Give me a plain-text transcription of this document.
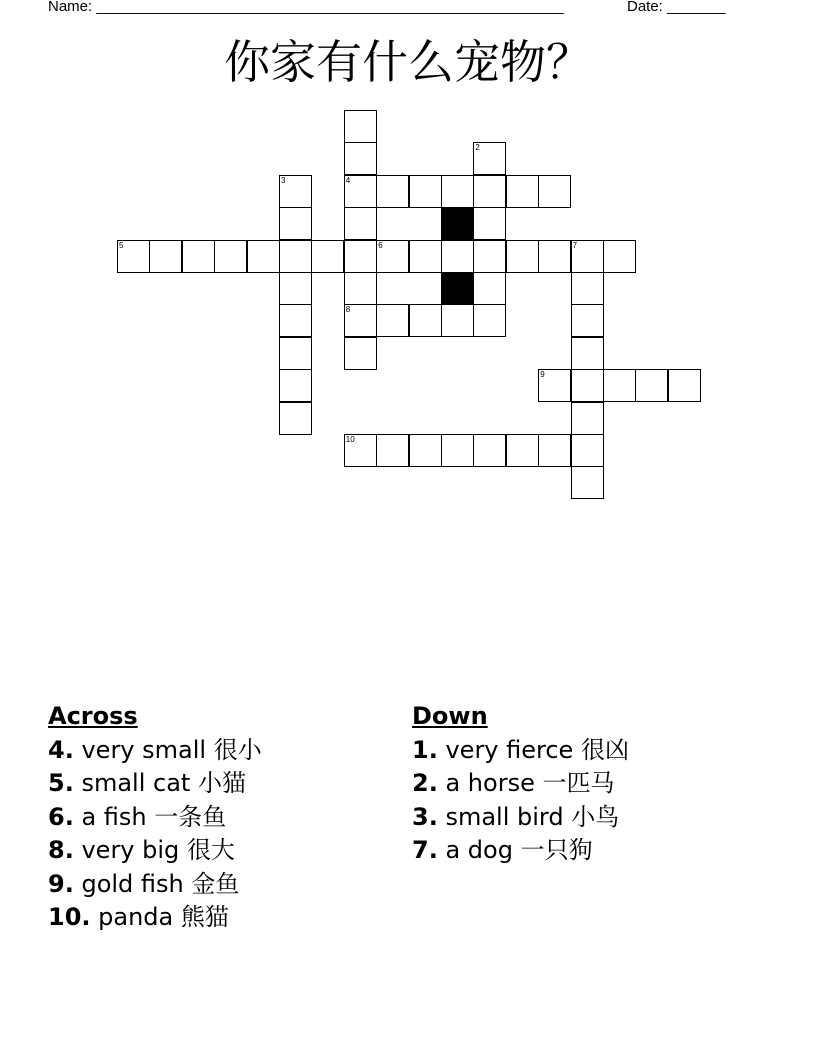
Name: ________________________________________________________	Date: _______
你家有什么宠物？
4
8
2
3
5	6	7
9
10
Across
4. very small 很小
5. small cat 小猫
6. a fish 一条鱼
8. very big 很大
9. gold fish 金鱼
10. panda 熊猫
Down
1. very fierce 很凶
2. a horse 一匹马
3. small bird 小鸟
7. a dog 一只狗
